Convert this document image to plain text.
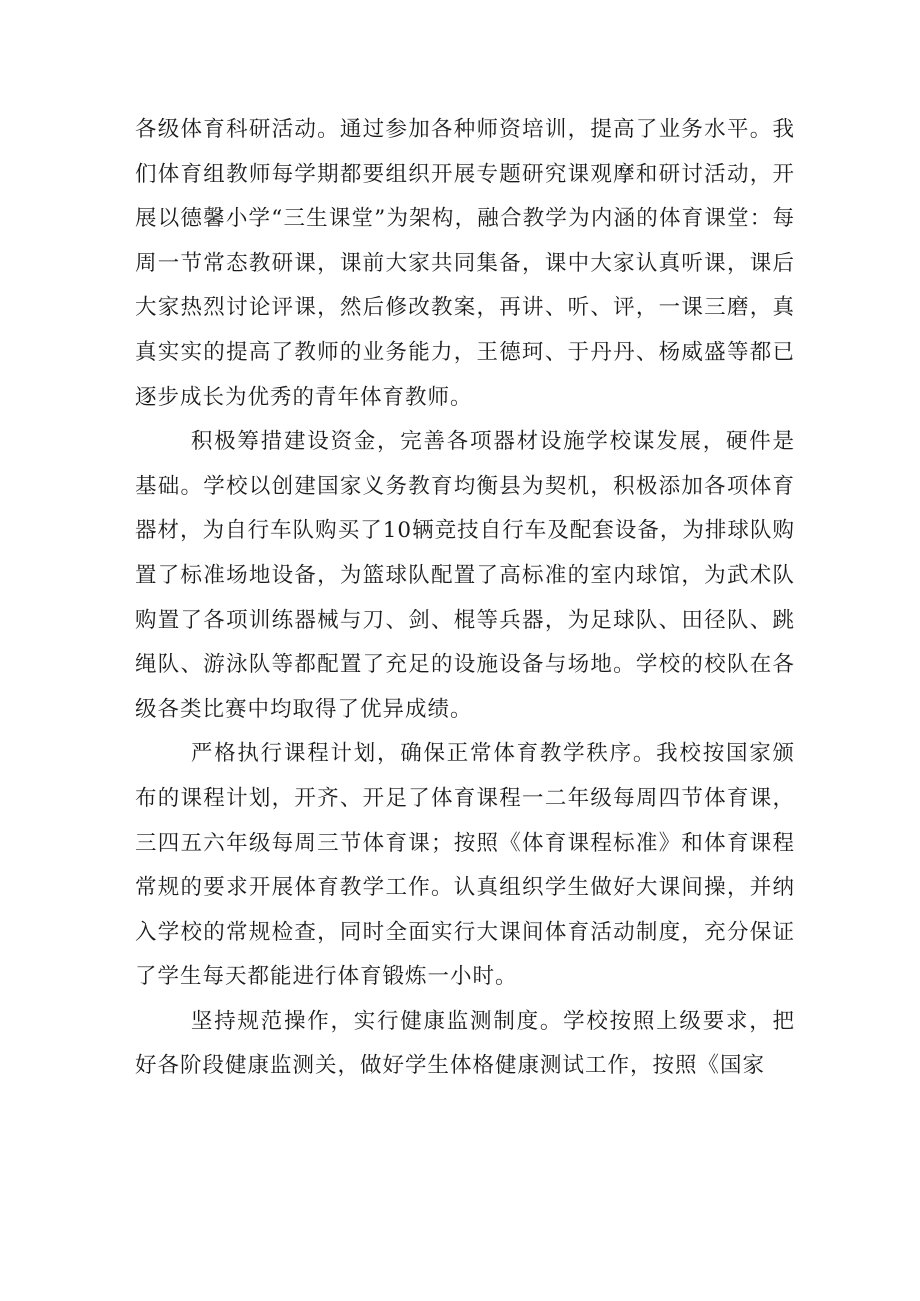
各级体育科研活动。通过参加各种师资培训，提高了业务水平。我们体育组教师每学期都要组织开展专题研究课观摩和研讨活动，开展以德馨小学“三生课堂”为架构，融合教学为内涵的体育课堂：每周一节常态教研课，课前大家共同集备，课中大家认真听课，课后大家热烈讨论评课，然后修改教案，再讲、听、评，一课三磨，真真实实的提高了教师的业务能力，王德珂、于丹丹、杨威盛等都已逐步成长为优秀的青年体育教师。

积极筹措建设资金，完善各项器材设施学校谋发展，硬件是基础。学校以创建国家义务教育均衡县为契机，积极添加各项体育器材，为自行车队购买了10辆竞技自行车及配套设备，为排球队购置了标准场地设备，为篮球队配置了高标准的室内球馆，为武术队购置了各项训练器械与刀、剑、棍等兵器，为足球队、田径队、跳绳队、游泳队等都配置了充足的设施设备与场地。学校的校队在各级各类比赛中均取得了优异成绩。

严格执行课程计划，确保正常体育教学秩序。我校按国家颁布的课程计划，开齐、开足了体育课程一二年级每周四节体育课，三四五六年级每周三节体育课；按照《体育课程标准》和体育课程常规的要求开展体育教学工作。认真组织学生做好大课间操，并纳入学校的常规检查，同时全面实行大课间体育活动制度，充分保证了学生每天都能进行体育锻炼一小时。

坚持规范操作，实行健康监测制度。学校按照上级要求，把好各阶段健康监测关，做好学生体格健康测试工作，按照《国家
